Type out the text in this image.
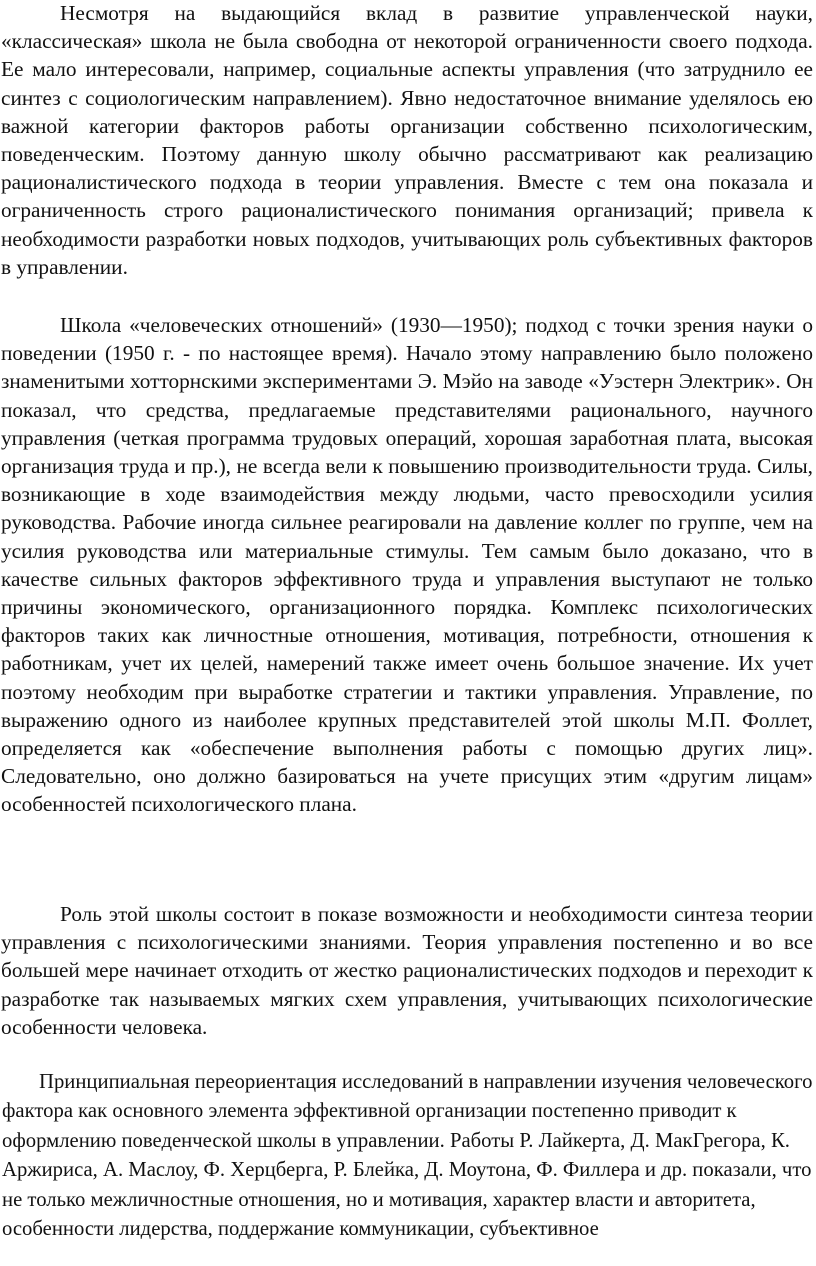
Несмотря на выдающийся вклад в развитие управленческой науки, «классическая» школа не была свободна от некоторой ограниченности своего подхода. Ее мало интересовали, например, социальные аспекты управления (что затруднило ее синтез с социологическим направлением). Явно недостаточное внимание уделялось ею важной категории факторов работы организации собственно психологическим, поведенческим. Поэтому данную школу обычно рассматривают как реализацию рационалистического подхода в теории управления. Вместе с тем она показала и ограниченность строго рационалистического понимания организаций; привела к необходимости разработки новых подходов, учитывающих роль субъективных факторов в управлении.

Школа «человеческих отношений» (1930—1950); подход с точки зрения науки о поведении (1950 г. - по настоящее время). Начало этому направлению было положено знаменитыми хотторнскими экспериментами Э. Мэйо на заводе «Уэстерн Электрик». Он показал, что средства, предлагаемые представителями рационального, научного управления (четкая программа трудовых операций, хорошая заработная плата, высокая организация труда и пр.), не всегда вели к повышению производительности труда. Силы, возникающие в ходе взаимодействия между людьми, часто превосходили усилия руководства. Рабочие иногда сильнее реагировали на давление коллег по группе, чем на усилия руководства или материальные стимулы. Тем самым было доказано, что в качестве сильных факторов эффективного труда и управления выступают не только причины экономического, организационного порядка. Комплекс психологических факторов таких как личностные отношения, мотивация, потребности, отношения к работникам, учет их целей, намерений также имеет очень большое значение. Их учет поэтому необходим при выработке стратегии и тактики управления. Управление, по выражению одного из наиболее крупных представителей этой школы М.П. Фоллет, определяется как «обеспечение выполнения работы с помощью других лиц». Следовательно, оно должно базироваться на учете присущих этим «другим лицам» особенностей психологического плана.

Роль этой школы состоит в показе возможности и необходимости синтеза теории управления с психологическими знаниями. Теория управления постепенно и во все большей мере начинает отходить от жестко рационалистических подходов и переходит к разработке так называемых мягких схем управления, учитывающих психологические особенности человека.

Принципиальная переориентация исследований в направлении изучения человеческого фактора как основного элемента эффективной организации постепенно приводит к оформлению поведенческой школы в управлении. Работы Р. Лайкерта, Д. МакГрегора, К. Аржириса, А. Маслоу, Ф. Херцберга, Р. Блейка, Д. Моутона, Ф. Филлера и др. показали, что не только межличностные отношения, но и мотивация, характер власти и авторитета, особенности лидерства, поддержание коммуникации, субъективное
